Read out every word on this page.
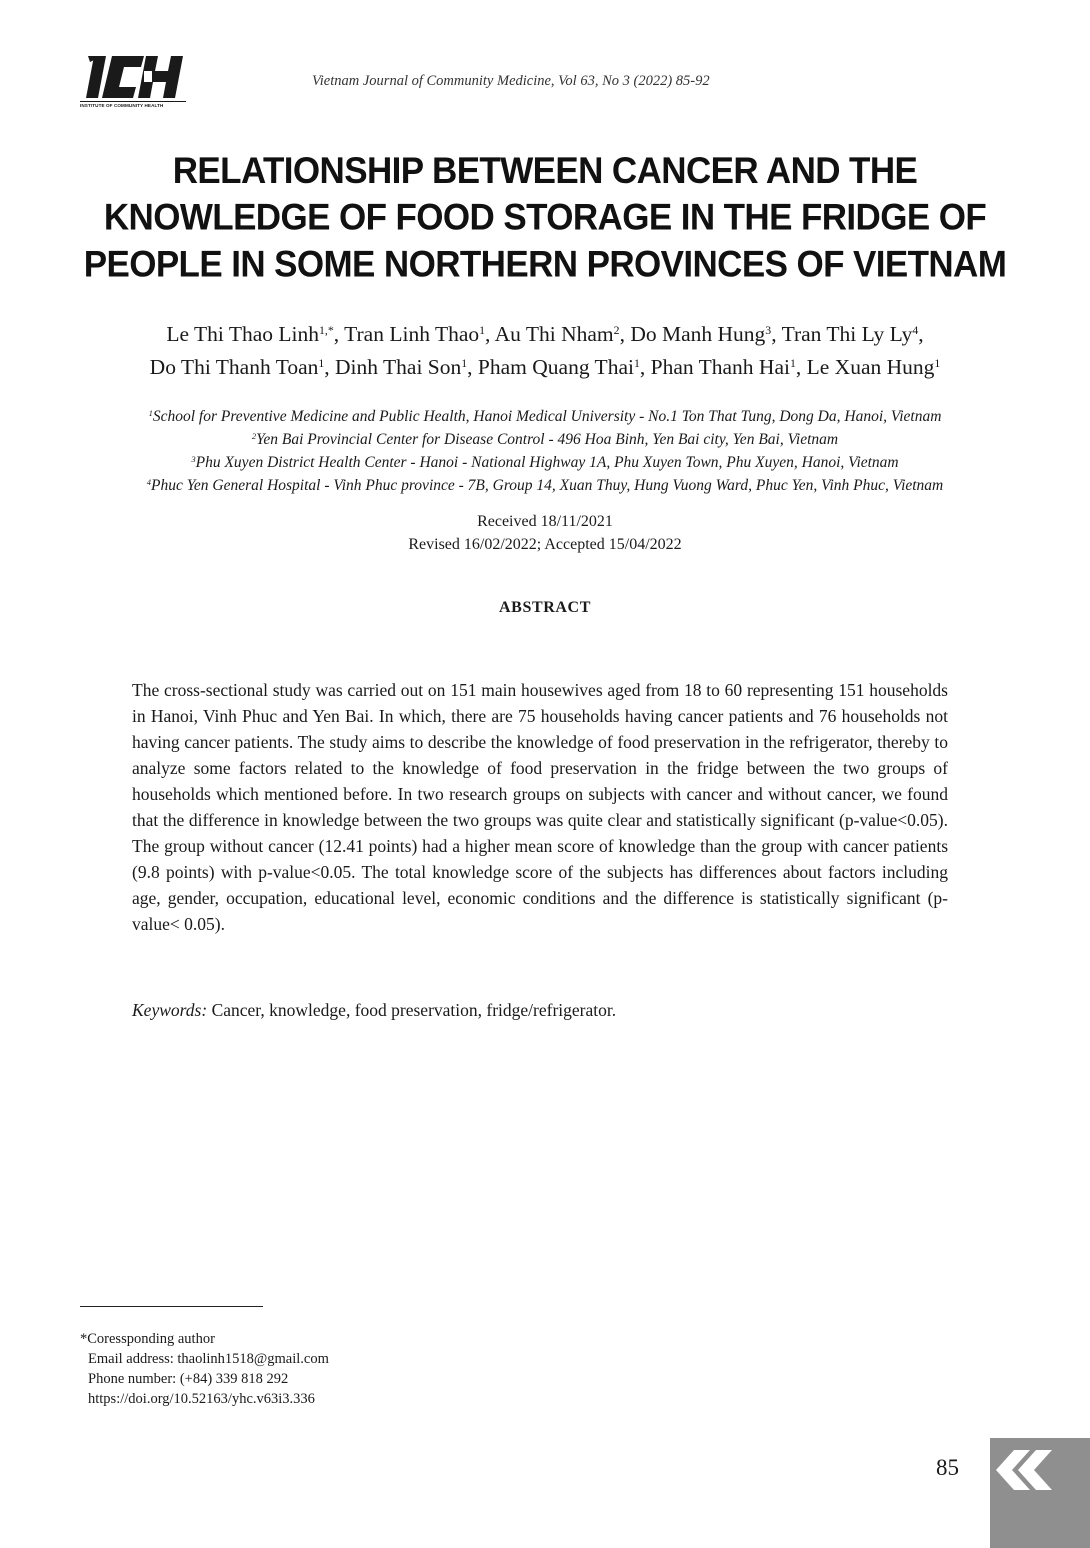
INSTITUTE OF COMMUNITY HEALTH
Vietnam Journal of Community Medicine, Vol 63, No 3 (2022) 85-92
RELATIONSHIP BETWEEN CANCER AND THE
KNOWLEDGE OF FOOD STORAGE IN THE FRIDGE OF
PEOPLE IN SOME NORTHERN PROVINCES OF VIETNAM
Le Thi Thao Linh$^{1,*}$, Tran Linh Thao$^1$, Au Thi Nham$^2$, Do Manh Hung$^3$, Tran Thi Ly Ly$^4$,
Do Thi Thanh Toan$^1$, Dinh Thai Son$^1$, Pham Quang Thai$^1$, Phan Thanh Hai$^1$, Le Xuan Hung$^1$
$^1$School for Preventive Medicine and Public Health, Hanoi Medical University - No.1 Ton That Tung, Dong Da, Hanoi, Vietnam
$^2$Yen Bai Provincial Center for Disease Control - 496 Hoa Binh, Yen Bai city, Yen Bai, Vietnam
$^3$Phu Xuyen District Health Center - Hanoi - National Highway 1A, Phu Xuyen Town, Phu Xuyen, Hanoi, Vietnam
$^4$Phuc Yen General Hospital - Vinh Phuc province - 7B, Group 14, Xuan Thuy, Hung Vuong Ward, Phuc Yen, Vinh Phuc, Vietnam
Received 18/11/2021
Revised 16/02/2022; Accepted 15/04/2022
ABSTRACT
The cross-sectional study was carried out on 151 main housewives aged from 18 to 60 representing 151 households in Hanoi, Vinh Phuc and Yen Bai. In which, there are 75 households having cancer patients and 76 households not having cancer patients. The study aims to describe the knowledge of food preservation in the refrigerator, thereby to analyze some factors related to the knowledge of food preservation in the fridge between the two groups of households which mentioned before. In two research groups on subjects with cancer and without cancer, we found that the difference in knowledge between the two groups was quite clear and statistically significant (p-value<0.05). The group without cancer (12.41 points) had a higher mean score of knowledge than the group with cancer patients (9.8 points) with p-value<0.05. The total knowledge score of the subjects has differences about factors including age, gender, occupation, educational level, economic conditions and the difference is statistically significant (p-value< 0.05).
Keywords: Cancer, knowledge, food preservation, fridge/refrigerator.
*Coressponding author
Email address: thaolinh1518@gmail.com
Phone number: (+84) 339 818 292
https://doi.org/10.52163/yhc.v63i3.336
85
